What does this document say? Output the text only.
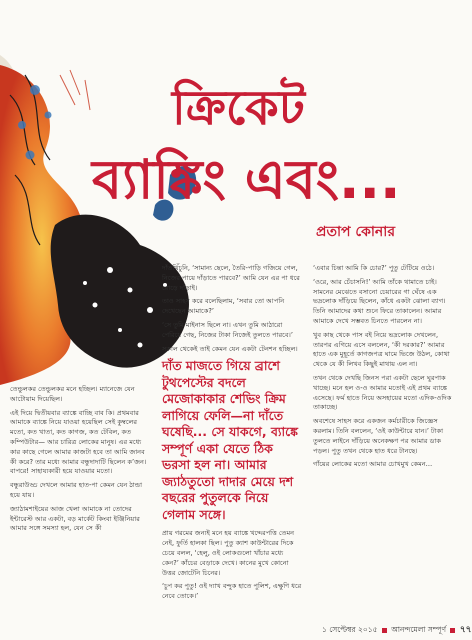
ক্রিকেট
ব্যাঙ্কিং এবং...
প্রতাপ কোনার

তেন্ডুলকর তেন্ডুলকর মনে হচ্ছিল। ম্যানেজে যেন আটোয়াম দিয়েছিল।

এই দিয়ে দ্বিতীয়বার ব্যাঙ্কে বাচ্ছি বাব কি। প্রথমবার আমাকে ব্যাঙ্কে নিয়ে যাওয়া হয়েছিল সেই কুম্বলের মতো, কত খাতা, কত কাগজ, কত টেবিল, কত কম্পিউটার— আর চারিত্র লোকের মানুষ। এর মধ্যে কার কাছে গেলে আমার কাজটা হবে তা আমি জানব কী করে? তার মধ্যে আমার বন্ধুদাদাটি ছিলেন ক’জন। বাপরে! সাহায্যকারী হয়ে যাওয়ার মতো।

বন্ধুরাউড্ড দেখলে আমার হাত-পা কেমন যেন ঠান্ডা হয়ে যায়।

জ্যাঠামশাইয়ের আজ খেলা আমাকে না তোদের ইন্টারেস্ট আর একটা, বড় মার্কেট কিংবা ইঞ্জিনিয়ার আমার সঙ্গে সমস্যা হল, যেন সে কী

দাঁতখিঁচুনি, ‘সামান্য ছেলে, তৈরি-পাড়ি গজিয়ে গেল, নিজের পায়ে দাঁড়াতে পারবে?’ আমি যেন এর পা ধরে রোড়ে দাঁড়াই।

তাও সাহস করে বলেছিলাম, ‘সবার তো আপনি দেখেছেন আমাকে?’

‘সে তুমি মাইনাস ছিলে না। এখন তুমি আঠারো পেরিয়ে গেছ, নিজের টাকা নিজেই তুলতে পারবে।’

সকাল থেকেই তাই কেমন যেন একটা টেনশন হচ্ছিল।

দাঁত মাজতে গিয়ে ব্রাশে টুথপেস্টের বদলে মেজোকাকার শেভিং ক্রিম লাগিয়ে ফেলি—না দাঁতে ঘষেছি... সে যাকগে, ব্যাঙ্কে সম্পূর্ণ একা যেতে ঠিক ভরসা হল না। আমার জ্যাঠতুতো দাদার মেয়ে দশ বছরের পুতুলকে নিয়ে গেলাম সঙ্গে।

প্রায় গরমের জন্যই মনে হয় ব্যাঙ্কে খদ্দেরপত্তি তেমন নেই, ফুর্তি হালকা ছিল। পুতু ক্যাশ কাউন্টারের দিকে চেয়ে বলল, ‘হেলু, ওই লোকগুলো খাঁচার মধ্যে কেন?’ কাঁচের বেড়াকে দেখে। কানের মুখে কোনো উত্তর জোটেনি চিনের।

‘চুপ কর পুতু! ওই দ্যাখ বন্দুক হাতে পুলিশ, এক্ষুণি ধরে নেবে তোকে।’

‘এবার চিন্তা আমি কি চোর?’ পুতু টেটিয়ে ওঠে।

‘ওরে, আর চেঁচাসনি!’ আমি তাঁকে থামাতে চাই। সামনের মেঝেতে বসানো চেয়ারের গা ঘেঁষে এক ভদ্রলোক দাঁড়িয়ে ছিলেন, কাঁধে একটা ঝোলা ব্যাগ। তিনি আমাদের কথা শুনে ফিরে তাকালেন। আমার আমাকে দেখে সম্ভবত চিনতে পারলেন না।

খুব কাছ থেকে পাস বই নিয়ে ভদ্রলোক দেখলেন, তারপর এগিয়ে এসে বললেন, ‘কী দরকার?’ আমার হাতে এক মুহূর্তে কাগজপত্র ঘামে ভিজে উঠল, কোথা থেকে যে কী লিখব কিছুই মাথায় এল না।

তখন থেকে দেখছি জিনস পরা একটা ছেলে ঘুরপাক খাচ্ছে। মনে হল ও-ও আমার মতোই এই প্রথম ব্যাঙ্কে এসেছে। ফর্ম হাতে নিয়ে অসহায়ের মতো এদিক-ওদিক তাকাচ্ছে।

অবশেষে সাহস করে একজন কর্মচারীকে জিজ্ঞেস করলাম। তিনি বললেন, ‘ওই কাউন্টারে যান।’ টাকা তুলতে লাইনে দাঁড়িয়ে অনেকক্ষণ পর আমার ডাক পড়ল। পুতু তখন থেকে হাত ধরে টানছে।

গাঁয়ের লোকের মতো আমার চোখমুখ কেমন…

১ সেপ্টেম্বর ২০১৫ আনন্দমেলা সম্পূর্ণ ৭৭
